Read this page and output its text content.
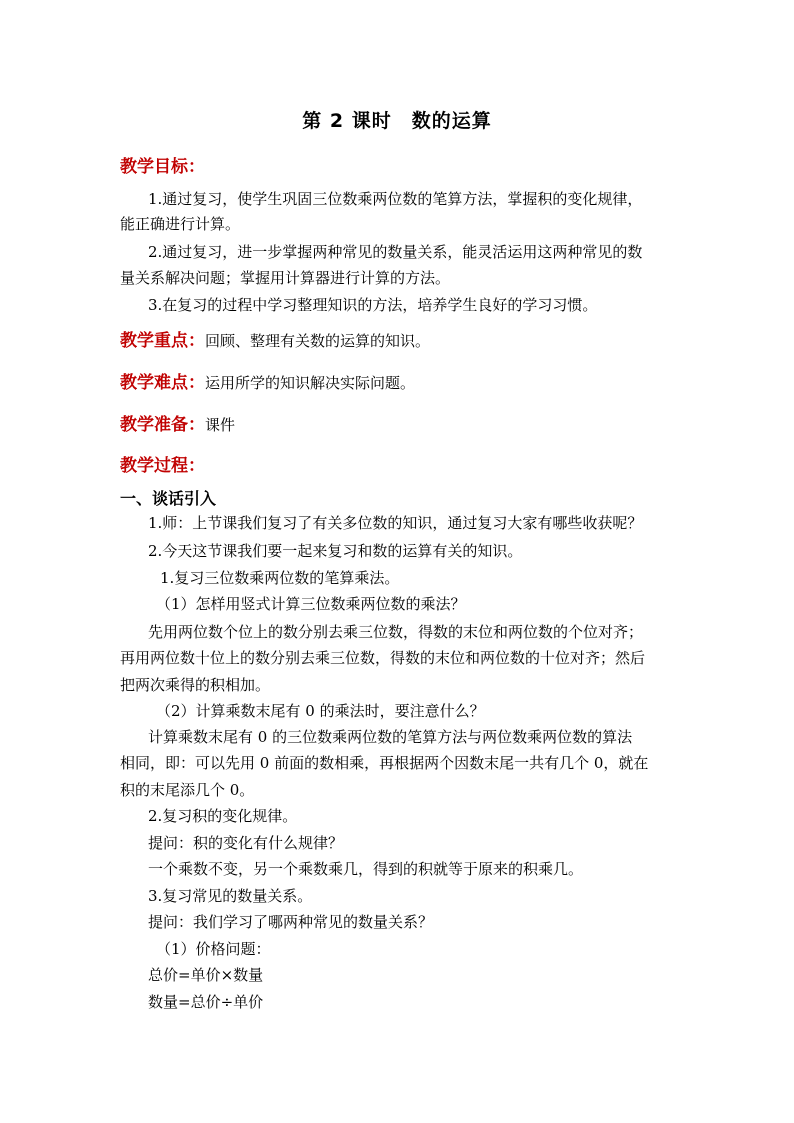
第 2 课时　数的运算
教学目标：
1.通过复习，使学生巩固三位数乘两位数的笔算方法，掌握积的变化规律，
能正确进行计算。
2.通过复习，进一步掌握两种常见的数量关系，能灵活运用这两种常见的数
量关系解决问题；掌握用计算器进行计算的方法。
3.在复习的过程中学习整理知识的方法，培养学生良好的学习习惯。
教学重点：回顾、整理有关数的运算的知识。
教学难点：运用所学的知识解决实际问题。
教学准备：课件
教学过程：
一、谈话引入
1.师：上节课我们复习了有关多位数的知识，通过复习大家有哪些收获呢？
2.今天这节课我们要一起来复习和数的运算有关的知识。
1.复习三位数乘两位数的笔算乘法。
（1）怎样用竖式计算三位数乘两位数的乘法？
先用两位数个位上的数分别去乘三位数，得数的末位和两位数的个位对齐；
再用两位数十位上的数分别去乘三位数，得数的末位和两位数的十位对齐；然后
把两次乘得的积相加。
（2）计算乘数末尾有 0 的乘法时，要注意什么？
计算乘数末尾有 0 的三位数乘两位数的笔算方法与两位数乘两位数的算法
相同，即：可以先用 0 前面的数相乘，再根据两个因数末尾一共有几个 0，就在
积的末尾添几个 0。
2.复习积的变化规律。
提问：积的变化有什么规律？
一个乘数不变，另一个乘数乘几，得到的积就等于原来的积乘几。
3.复习常见的数量关系。
提问：我们学习了哪两种常见的数量关系？
（1）价格问题：
总价=单价×数量
数量=总价÷单价
